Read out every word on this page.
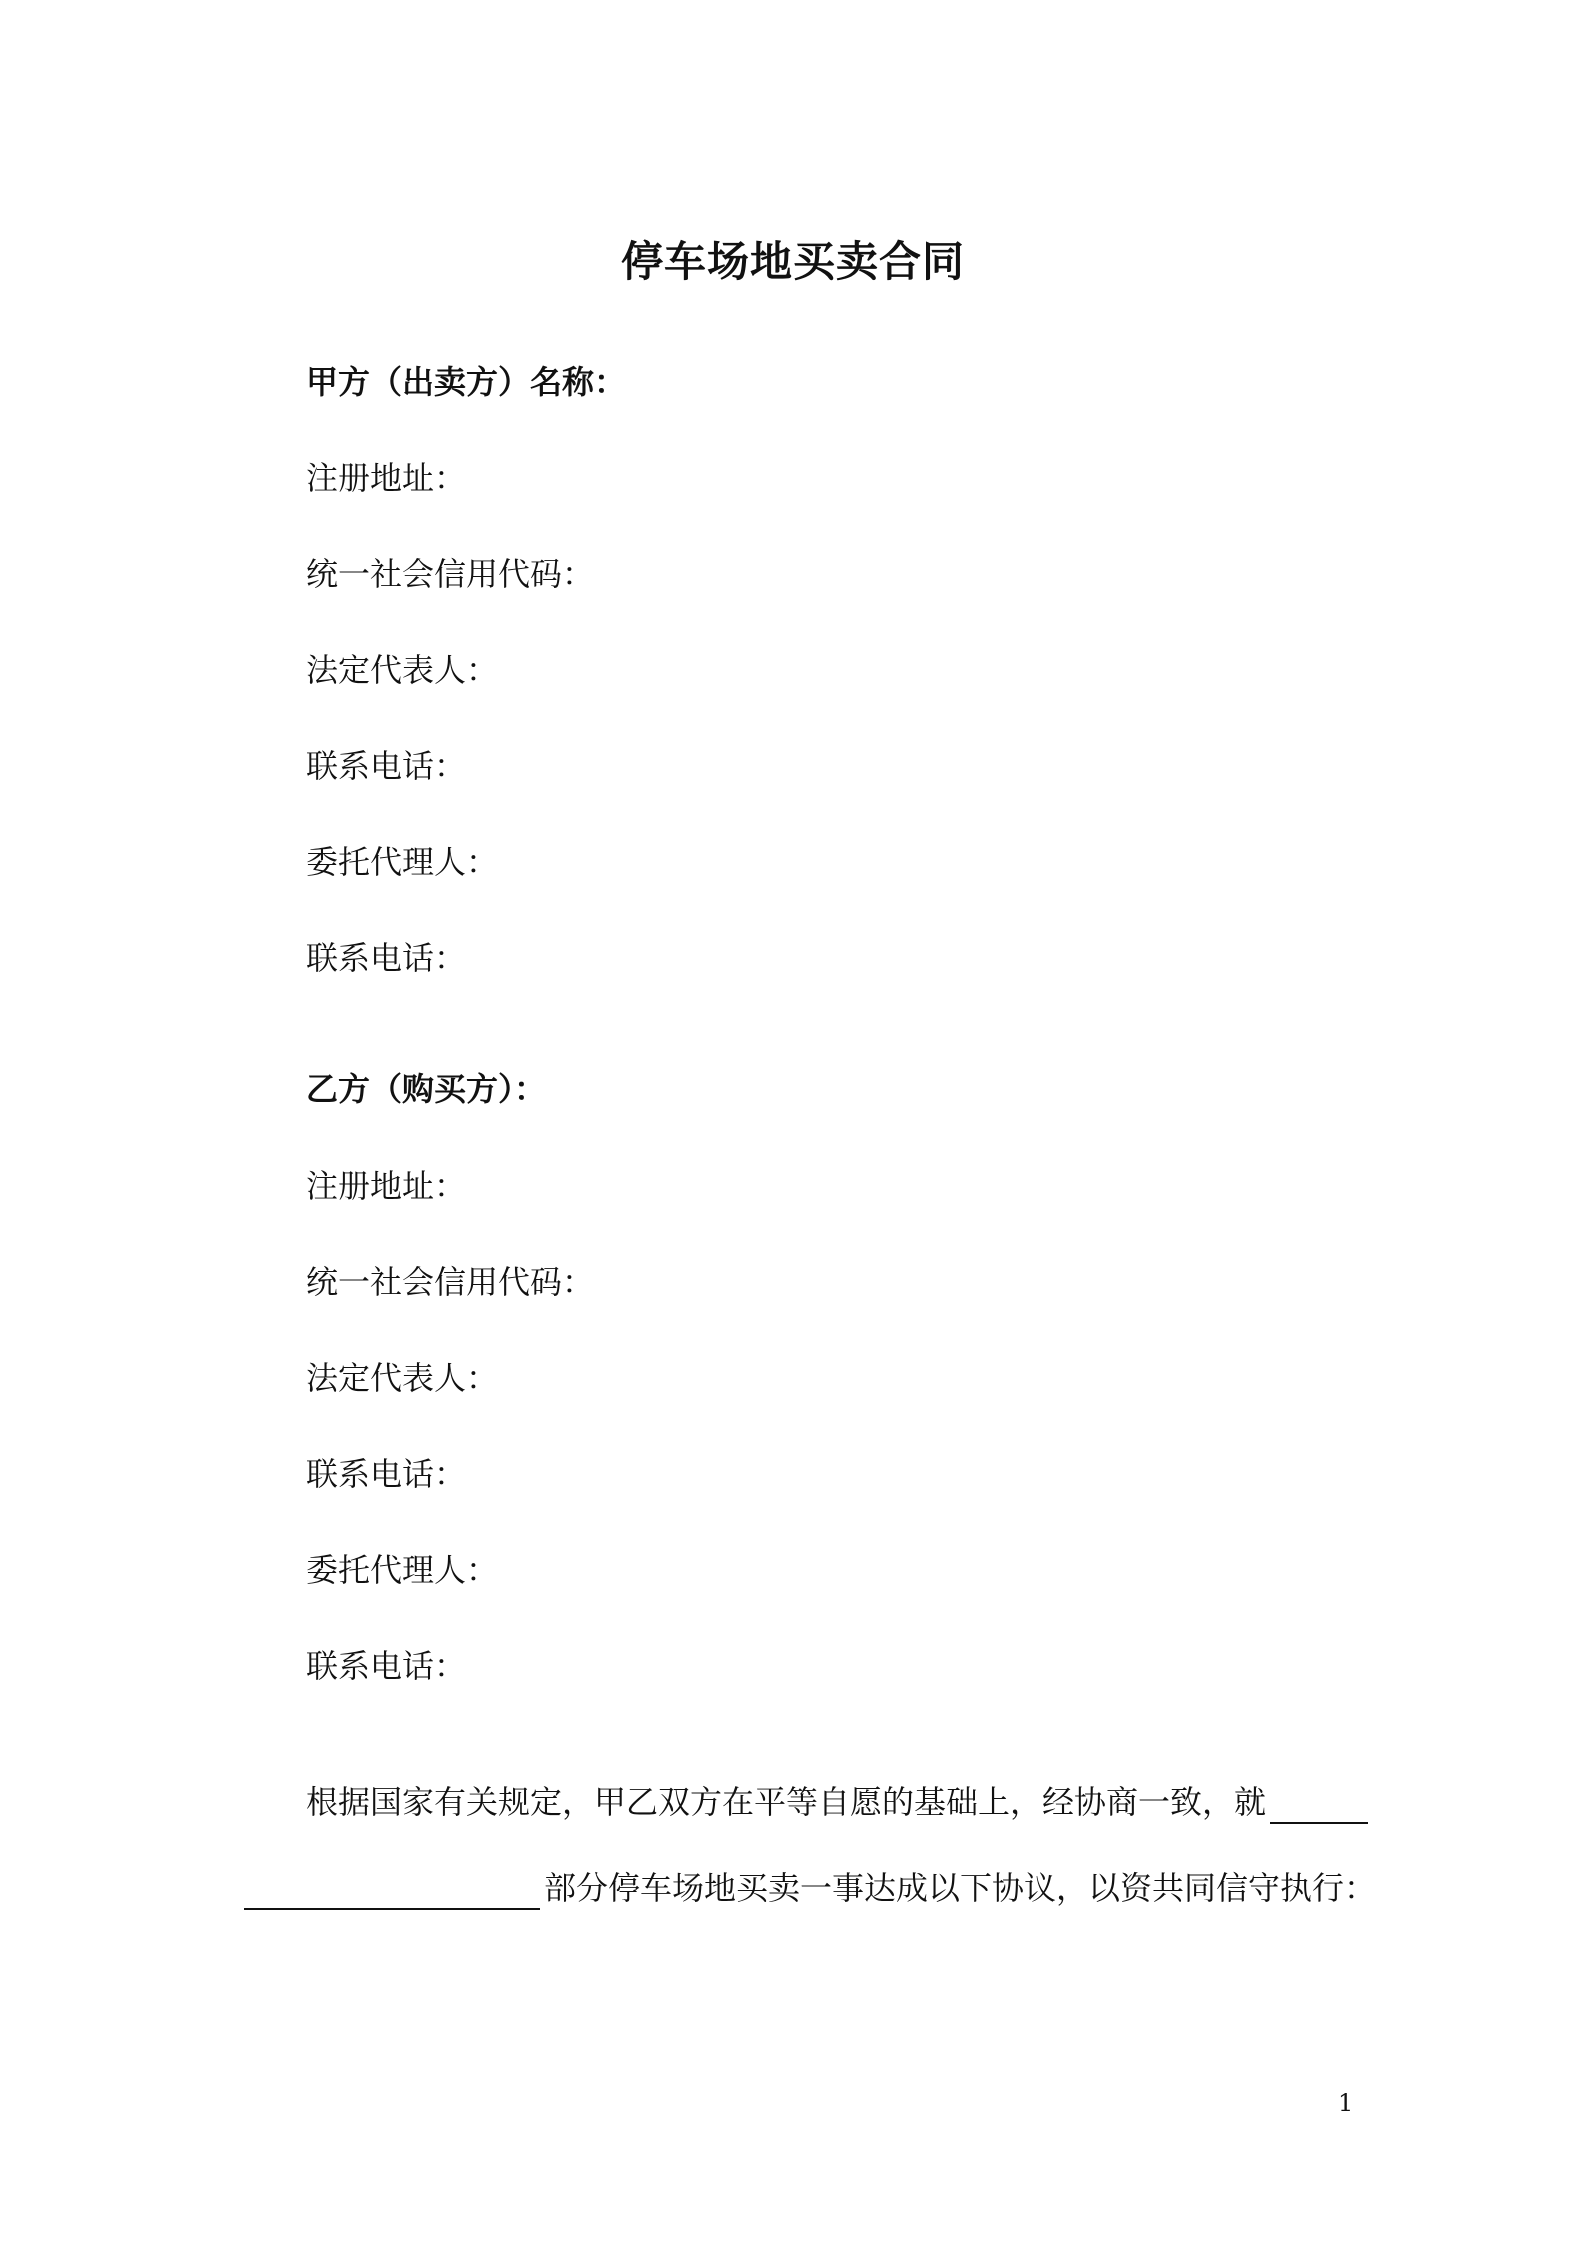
停车场地买卖合同
甲方（出卖方）名称：
注册地址：
统一社会信用代码：
法定代表人：
联系电话：
委托代理人：
联系电话：
乙方（购买方）：
注册地址：
统一社会信用代码：
法定代表人：
联系电话：
委托代理人：
联系电话：
根据国家有关规定，甲乙双方在平等自愿的基础上，经协商一致，就
部分停车场地买卖一事达成以下协议，以资共同信守执行：
1
